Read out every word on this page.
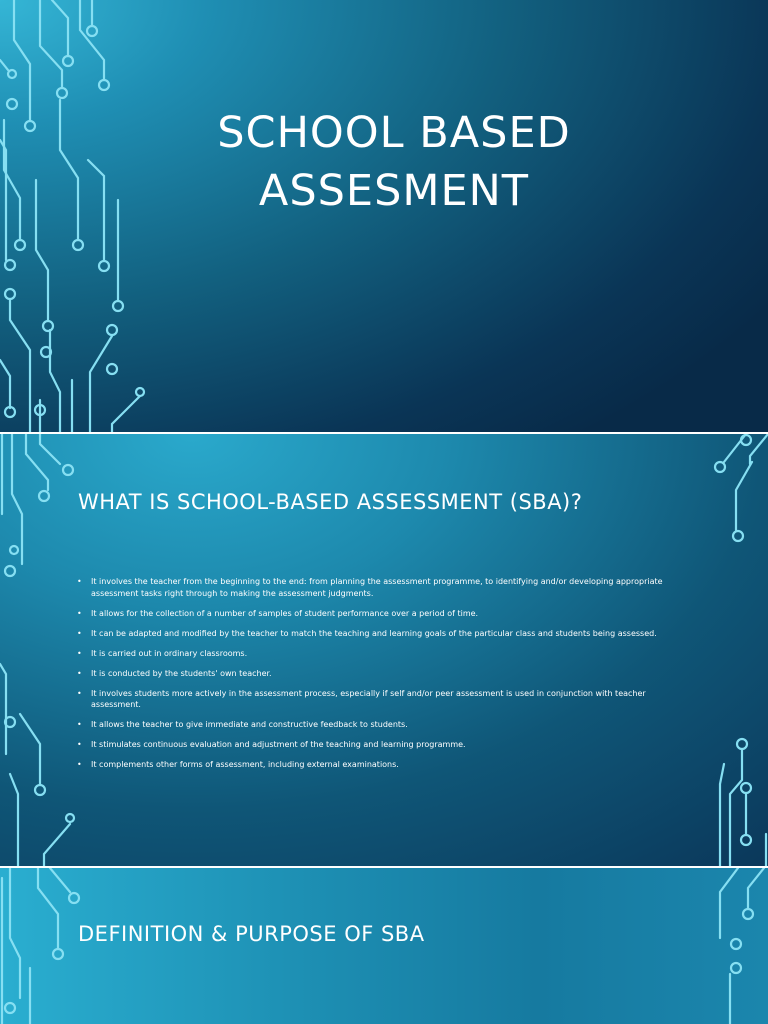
SCHOOL BASED
ASSESMENT
WHAT IS SCHOOL-BASED ASSESSMENT (SBA)?
• It involves the teacher from the beginning to the end: from planning the assessment programme, to identifying and/or developing appropriate assessment tasks right through to making the assessment judgments.
• It allows for the collection of a number of samples of student performance over a period of time.
• It can be adapted and modified by the teacher to match the teaching and learning goals of the particular class and students being assessed.
• It is carried out in ordinary classrooms.
• It is conducted by the students' own teacher.
• It involves students more actively in the assessment process, especially if self and/or peer assessment is used in conjunction with teacher assessment.
• It allows the teacher to give immediate and constructive feedback to students.
• It stimulates continuous evaluation and adjustment of the teaching and learning programme.
• It complements other forms of assessment, including external examinations.
DEFINITION & PURPOSE OF SBA
